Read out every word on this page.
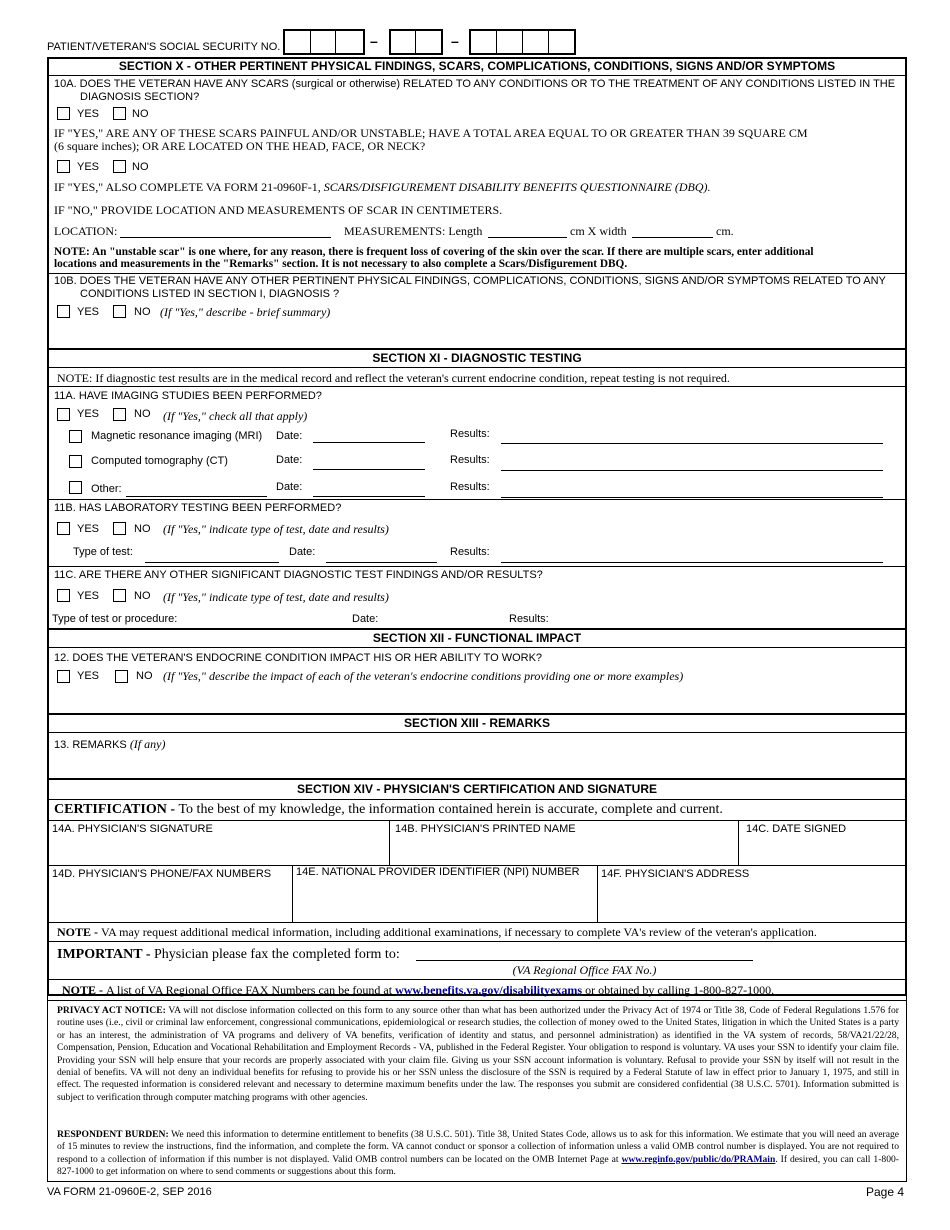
PATIENT/VETERAN'S SOCIAL SECURITY NO.	–	–
SECTION X - OTHER PERTINENT PHYSICAL FINDINGS, SCARS, COMPLICATIONS, CONDITIONS, SIGNS AND/OR SYMPTOMS
10A. DOES THE VETERAN HAVE ANY SCARS (surgical or otherwise) RELATED TO ANY CONDITIONS OR TO THE TREATMENT OF ANY CONDITIONS LISTED IN THE
DIAGNOSIS SECTION?
YES	NO
IF "YES," ARE ANY OF THESE SCARS PAINFUL AND/OR UNSTABLE; HAVE A TOTAL AREA EQUAL TO OR GREATER THAN 39 SQUARE CM
(6 square inches); OR ARE LOCATED ON THE HEAD, FACE, OR NECK?
YES	NO
IF "YES," ALSO COMPLETE VA FORM 21-0960F-1, SCARS/DISFIGUREMENT DISABILITY BENEFITS QUESTIONNAIRE (DBQ).
IF "NO," PROVIDE LOCATION AND MEASUREMENTS OF SCAR IN CENTIMETERS.
LOCATION:	MEASUREMENTS: Length	cm X width	cm.
NOTE: An "unstable scar" is one where, for any reason, there is frequent loss of covering of the skin over the scar. If there are multiple scars, enter additional
locations and measurements in the "Remarks" section. It is not necessary to also complete a Scars/Disfigurement DBQ.
10B. DOES THE VETERAN HAVE ANY OTHER PERTINENT PHYSICAL FINDINGS, COMPLICATIONS, CONDITIONS, SIGNS AND/OR SYMPTOMS RELATED TO ANY
CONDITIONS LISTED IN SECTION I, DIAGNOSIS ?
YES	NO (If "Yes," describe - brief summary)
SECTION XI - DIAGNOSTIC TESTING
NOTE: If diagnostic test results are in the medical record and reflect the veteran's current endocrine condition, repeat testing is not required.
11A. HAVE IMAGING STUDIES BEEN PERFORMED?
YES	NO (If "Yes," check all that apply)
Magnetic resonance imaging (MRI) Date:	Results:
Computed tomography (CT)	Date:	Results:
Other:	Date:	Results:
11B. HAS LABORATORY TESTING BEEN PERFORMED?
YES	NO (If "Yes," indicate type of test, date and results)
Type of test:	Date:	Results:
11C. ARE THERE ANY OTHER SIGNIFICANT DIAGNOSTIC TEST FINDINGS AND/OR RESULTS?
YES	NO (If "Yes," indicate type of test, date and results)
Type of test or procedure:	Date:	Results:
SECTION XII - FUNCTIONAL IMPACT
12. DOES THE VETERAN'S ENDOCRINE CONDITION IMPACT HIS OR HER ABILITY TO WORK?
YES	NO (If "Yes," describe the impact of each of the veteran's endocrine conditions providing one or more examples)
SECTION XIII - REMARKS
13. REMARKS (If any)
SECTION XIV - PHYSICIAN'S CERTIFICATION AND SIGNATURE
CERTIFICATION - To the best of my knowledge, the information contained herein is accurate, complete and current.
14A. PHYSICIAN'S SIGNATURE	14B. PHYSICIAN'S PRINTED NAME	14C. DATE SIGNED
14D. PHYSICIAN'S PHONE/FAX NUMBERS 14E. NATIONAL PROVIDER IDENTIFIER (NPI) NUMBER 14F. PHYSICIAN'S ADDRESS
NOTE - VA may request additional medical information, including additional examinations, if necessary to complete VA's review of the veteran's application.
IMPORTANT - Physician please fax the completed form to:
(VA Regional Office FAX No.)
NOTE - A list of VA Regional Office FAX Numbers can be found at www.benefits.va.gov/disabilityexams or obtained by calling 1-800-827-1000.
PRIVACY ACT NOTICE: VA will not disclose information collected on this form to any source other than what has been authorized under the Privacy Act of 1974 or Title 38, Code of Federal Regulations 1.576 for routine uses (i.e., civil or criminal law enforcement, congressional communications, epidemiological or research studies, the collection of money owed to the United States, litigation in which the United States is a party or has an interest, the administration of VA programs and delivery of VA benefits, verification of identity and status, and personnel administration) as identified in the VA system of records, 58/VA21/22/28, Compensation, Pension, Education and Vocational Rehabilitation and Employment Records - VA, published in the Federal Register. Your obligation to respond is voluntary. VA uses your SSN to identify your claim file. Providing your SSN will help ensure that your records are properly associated with your claim file. Giving us your SSN account information is voluntary. Refusal to provide your SSN by itself will not result in the denial of benefits. VA will not deny an individual benefits for refusing to provide his or her SSN unless the disclosure of the SSN is required by a Federal Statute of law in effect prior to January 1, 1975, and still in effect. The requested information is considered relevant and necessary to determine maximum benefits under the law. The responses you submit are considered confidential (38 U.S.C. 5701). Information submitted is subject to verification through computer matching programs with other agencies.
RESPONDENT BURDEN: We need this information to determine entitlement to benefits (38 U.S.C. 501). Title 38, United States Code, allows us to ask for this information. We estimate that you will need an average of 15 minutes to review the instructions, find the information, and complete the form. VA cannot conduct or sponsor a collection of information unless a valid OMB control number is displayed. You are not required to respond to a collection of information if this number is not displayed. Valid OMB control numbers can be located on the OMB Internet Page at www.reginfo.gov/public/do/PRAMain. If desired, you can call 1-800-827-1000 to get information on where to send comments or suggestions about this form.
VA FORM 21-0960E-2, SEP 2016	Page 4
